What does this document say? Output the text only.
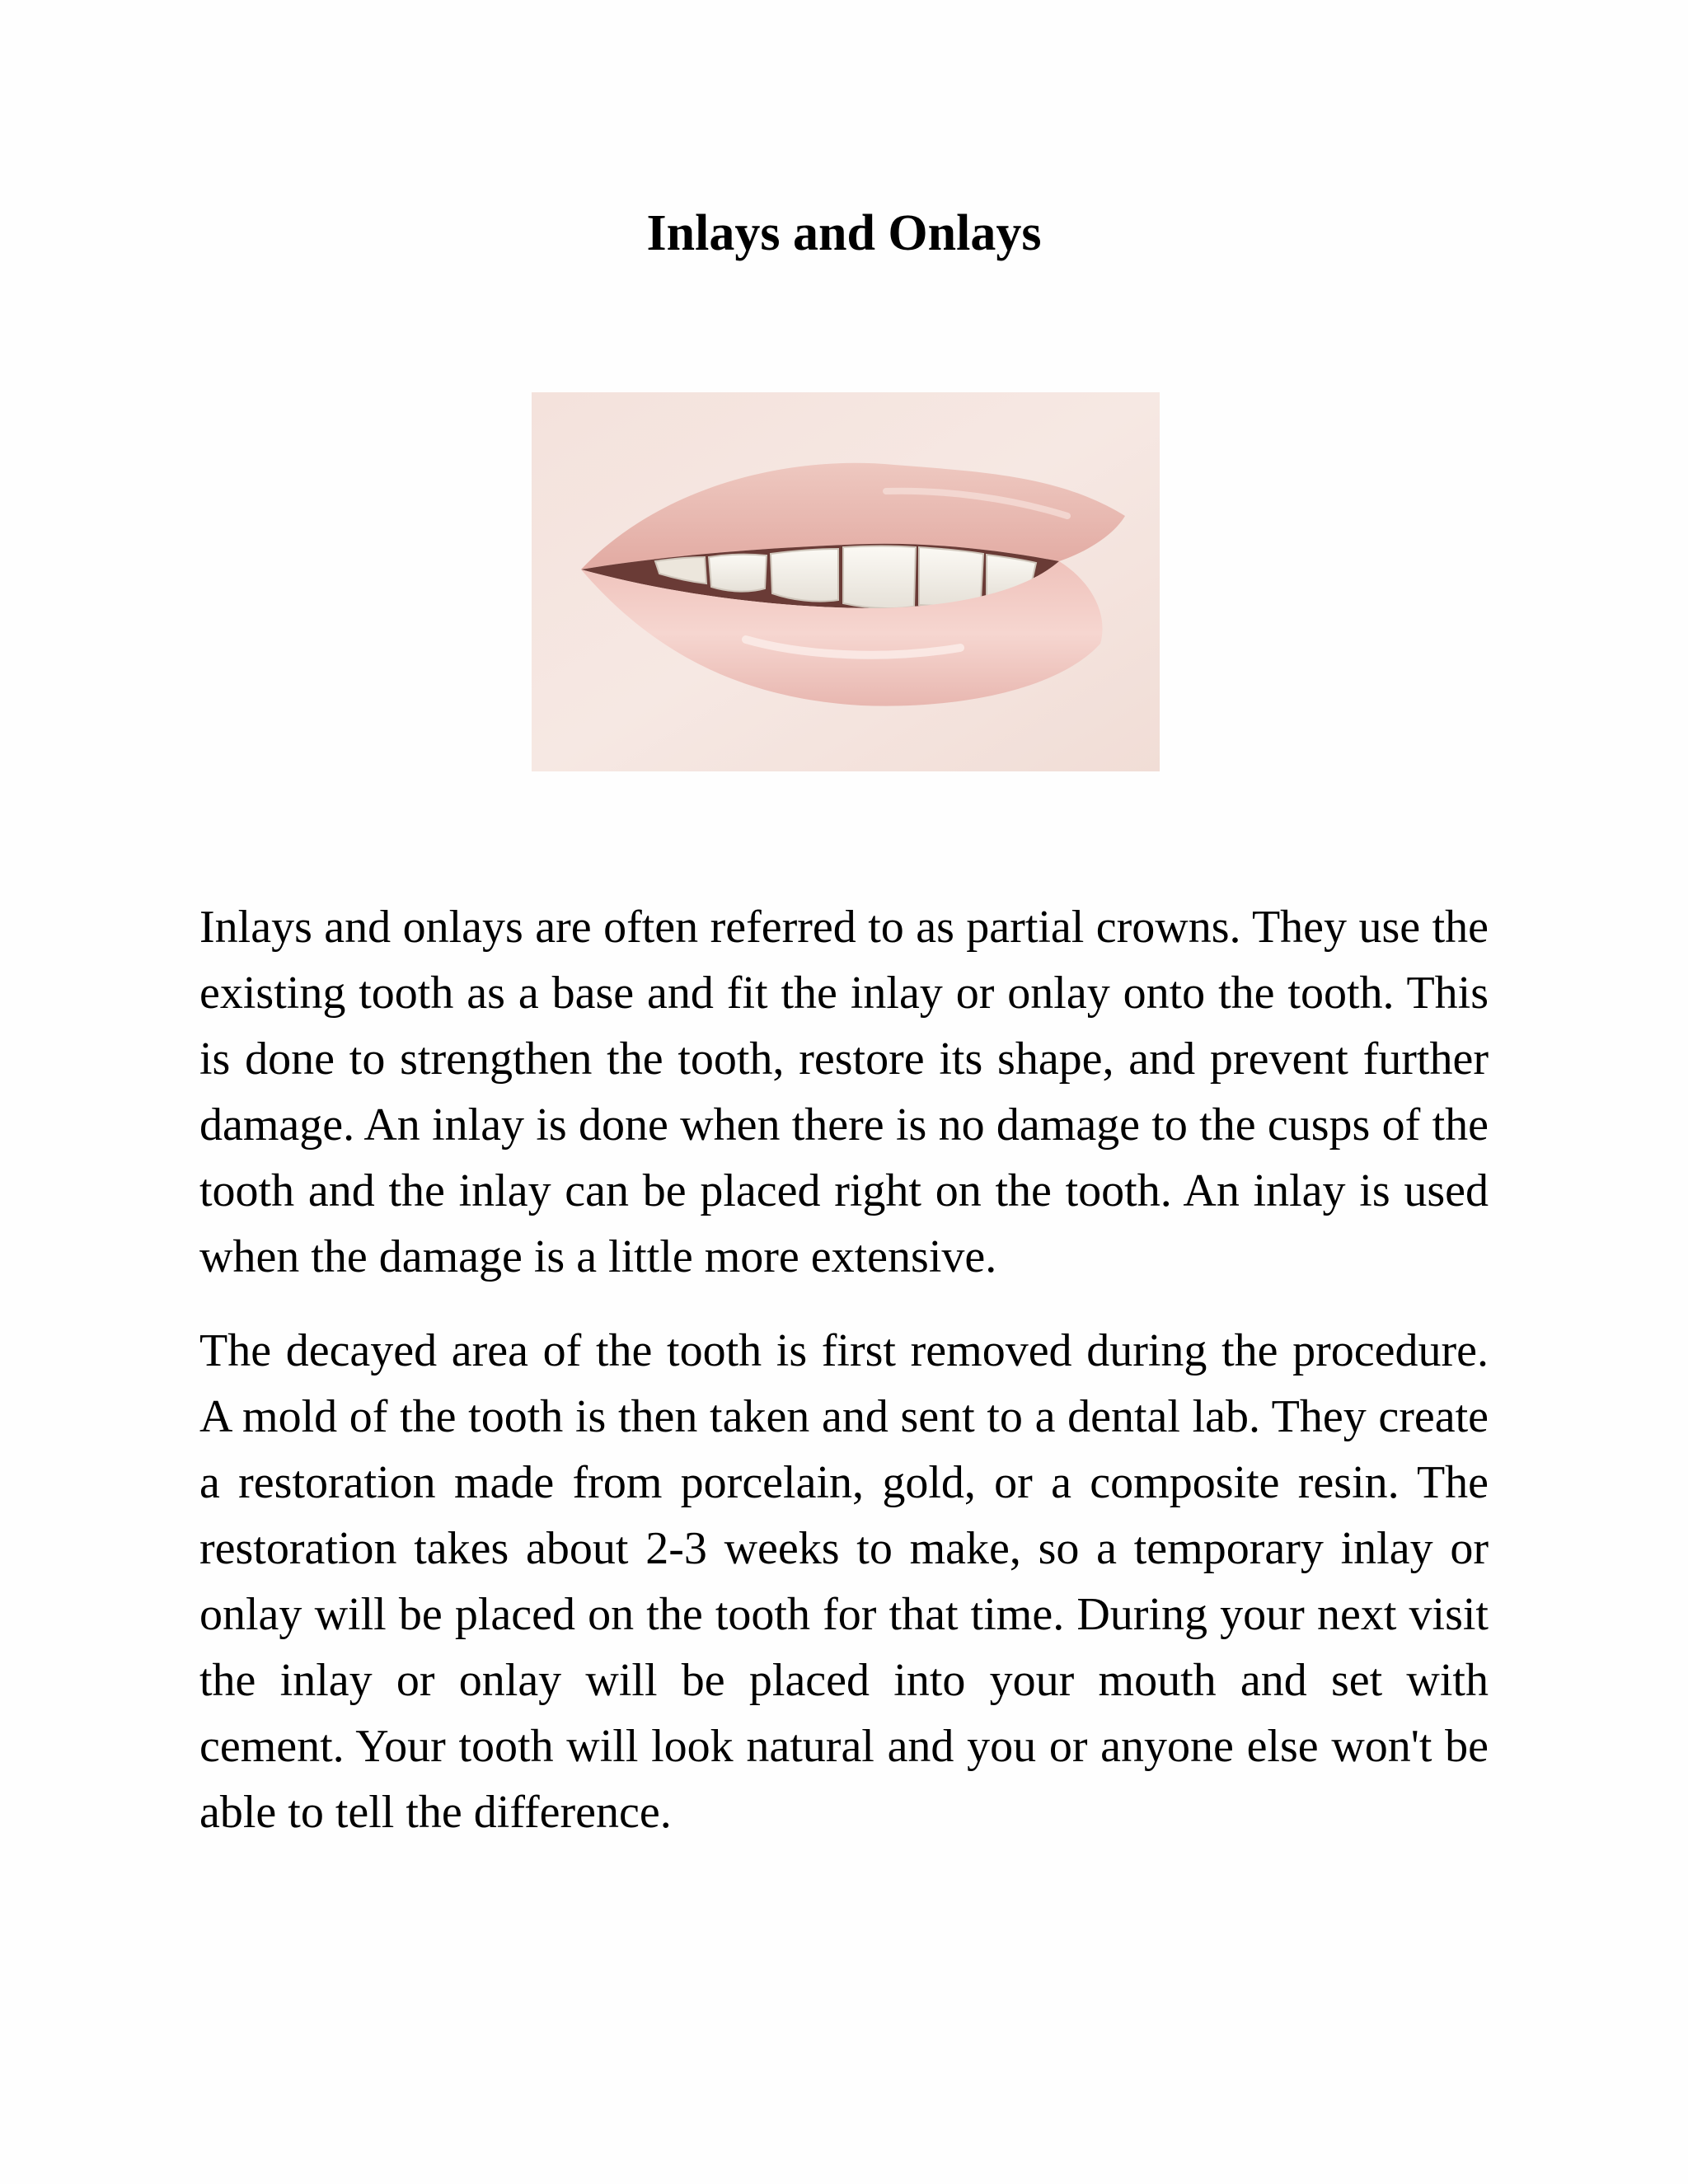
Inlays and Onlays

Inlays and onlays are often referred to as partial crowns. They use the existing tooth as a base and fit the inlay or onlay onto the tooth. This is done to strengthen the tooth, restore its shape, and prevent further damage. An inlay is done when there is no damage to the cusps of the tooth and the inlay can be placed right on the tooth. An inlay is used when the damage is a little more extensive.

The decayed area of the tooth is first removed during the procedure. A mold of the tooth is then taken and sent to a dental lab. They create a restoration made from porcelain, gold, or a composite resin. The restoration takes about 2-3 weeks to make, so a temporary inlay or onlay will be placed on the tooth for that time. During your next visit the inlay or onlay will be placed into your mouth and set with cement. Your tooth will look natural and you or anyone else won't be able to tell the difference.
